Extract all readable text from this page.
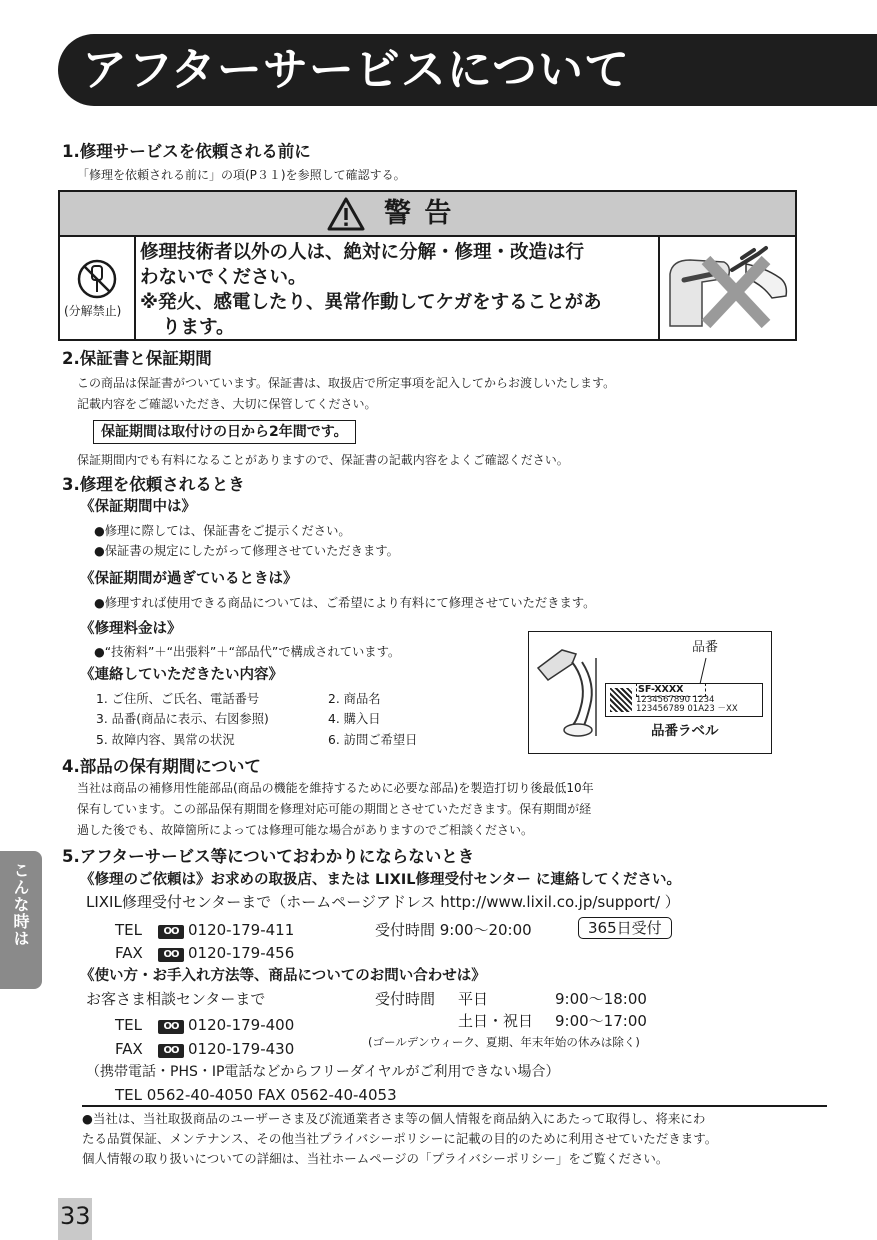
アフターサービスについて
1.修理サービスを依頼される前に
「修理を依頼される前に」の項(P３１)を参照して確認する。
警 告
(分解禁止)
修理技術者以外の人は、絶対に分解・修理・改造は行
わないでください。
※発火、感電したり、異常作動してケガをすることがあ
ります。
2.保証書と保証期間
この商品は保証書がついています。保証書は、取扱店で所定事項を記入してからお渡しいたします。
記載内容をご確認いただき、大切に保管してください。
保証期間は取付けの日から2年間です。
保証期間内でも有料になることがありますので、保証書の記載内容をよくご確認ください。
3.修理を依頼されるとき
《保証期間中は》
●修理に際しては、保証書をご提示ください。
●保証書の規定にしたがって修理させていただきます。
《保証期間が過ぎているときは》
●修理すれば使用できる商品については、ご希望により有料にて修理させていただきます。
《修理料金は》
●“技術料”＋“出張料”＋“部品代”で構成されています。
《連絡していただきたい内容》
1. ご住所、ご氏名、電話番号	2. 商品名
3. 品番(商品に表示、右図参照)	4. 購入日
5. 故障内容、異常の状況	6. 訪問ご希望日
品番
SF-XXXX
1234567890 1234
123456789 01A23 －XX
品番ラベル
4.部品の保有期間について
当社は商品の補修用性能部品(商品の機能を維持するために必要な部品)を製造打切り後最低10年
保有しています。この部品保有期間を修理対応可能の期間とさせていただきます。保有期間が経
過した後でも、故障箇所によっては修理可能な場合がありますのでご相談ください。
5.アフターサービス等についておわかりにならないとき
《修理のご依頼は》お求めの取扱店、または LIXIL修理受付センター に連絡してください。
LIXIL修理受付センターまで（ホームページアドレス http://www.lixil.co.jp/support/ ）
TEL	OO 0120-179-411	受付時間 9:00～20:00	365日受付
FAX	OO 0120-179-456
《使い方・お手入れ方法等、商品についてのお問い合わせは》
お客さま相談センターまで	受付時間 平日	9:00～18:00
土日・祝日 9:00～17:00
TEL	OO 0120-179-400
(ゴールデンウィーク、夏期、年末年始の休みは除く)
FAX	OO 0120-179-430
（携帯電話・PHS・IP電話などからフリーダイヤルがご利用できない場合）
TEL 0562-40-4050 FAX 0562-40-4053
●当社は、当社取扱商品のユーザーさま及び流通業者さま等の個人情報を商品納入にあたって取得し、将来にわ
たる品質保証、メンテナンス、その他当社プライバシーポリシーに記載の目的のために利用させていただきます。
個人情報の取り扱いについての詳細は、当社ホームページの「プライバシーポリシー」をご覧ください。
こんな時は
33
